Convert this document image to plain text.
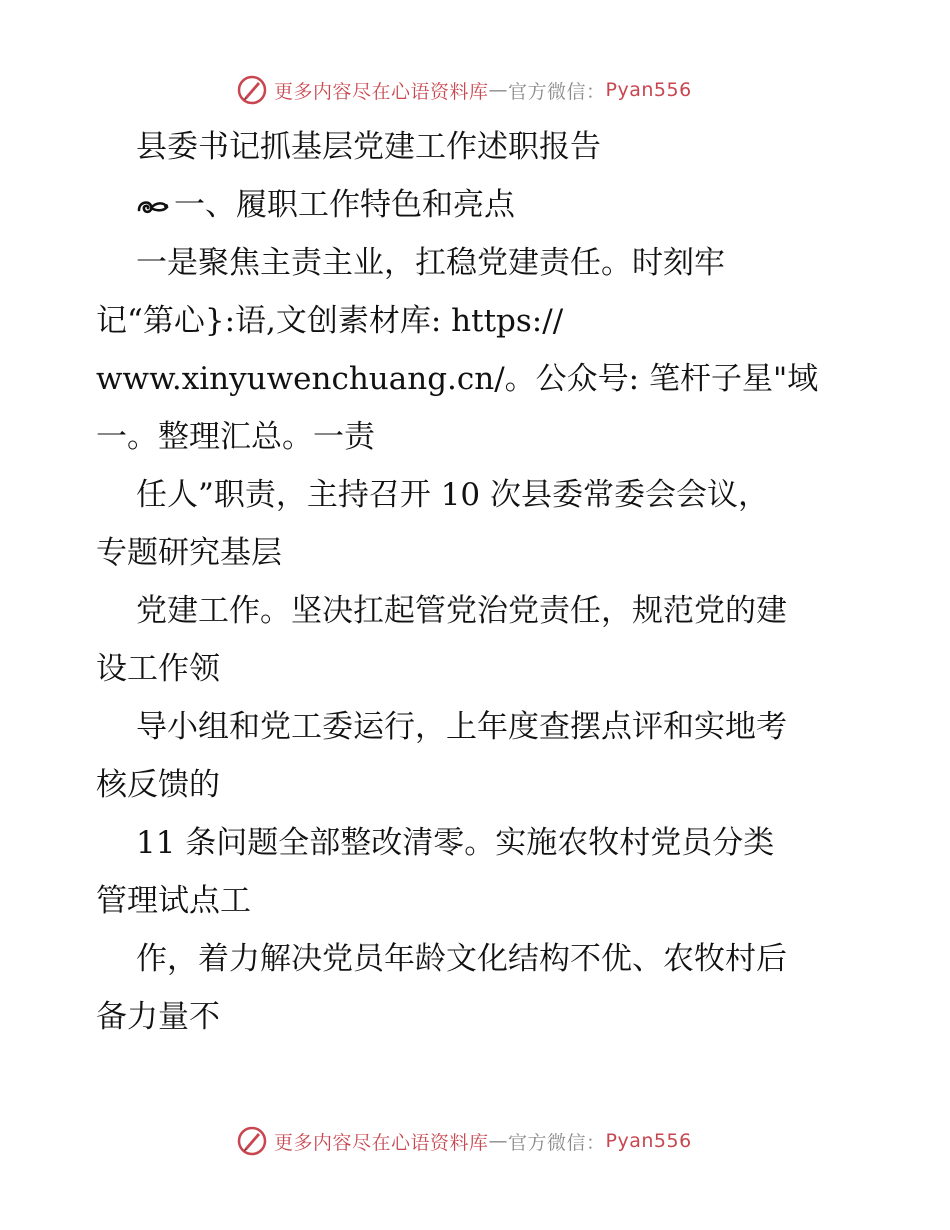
更多内容尽在心语资料库 — 官方微信： Pyan556
县委书记抓基层党建工作述职报告
一、履职工作特色和亮点
一是聚焦主责主业，扛稳党建责任。时刻牢
记“第心}:语,文创素材库: https://
www.xinyuwenchuang.cn/。公众号: 笔杆子星"域
一。整理汇总。一责
任人”职责，主持召开 10 次县委常委会会议，
专题研究基层
党建工作。坚决扛起管党治党责任，规范党的建
设工作领
导小组和党工委运行，上年度查摆点评和实地考
核反馈的
11 条问题全部整改清零。实施农牧村党员分类
管理试点工
作，着力解决党员年龄文化结构不优、农牧村后
备力量不
更多内容尽在心语资料库 — 官方微信： Pyan556
